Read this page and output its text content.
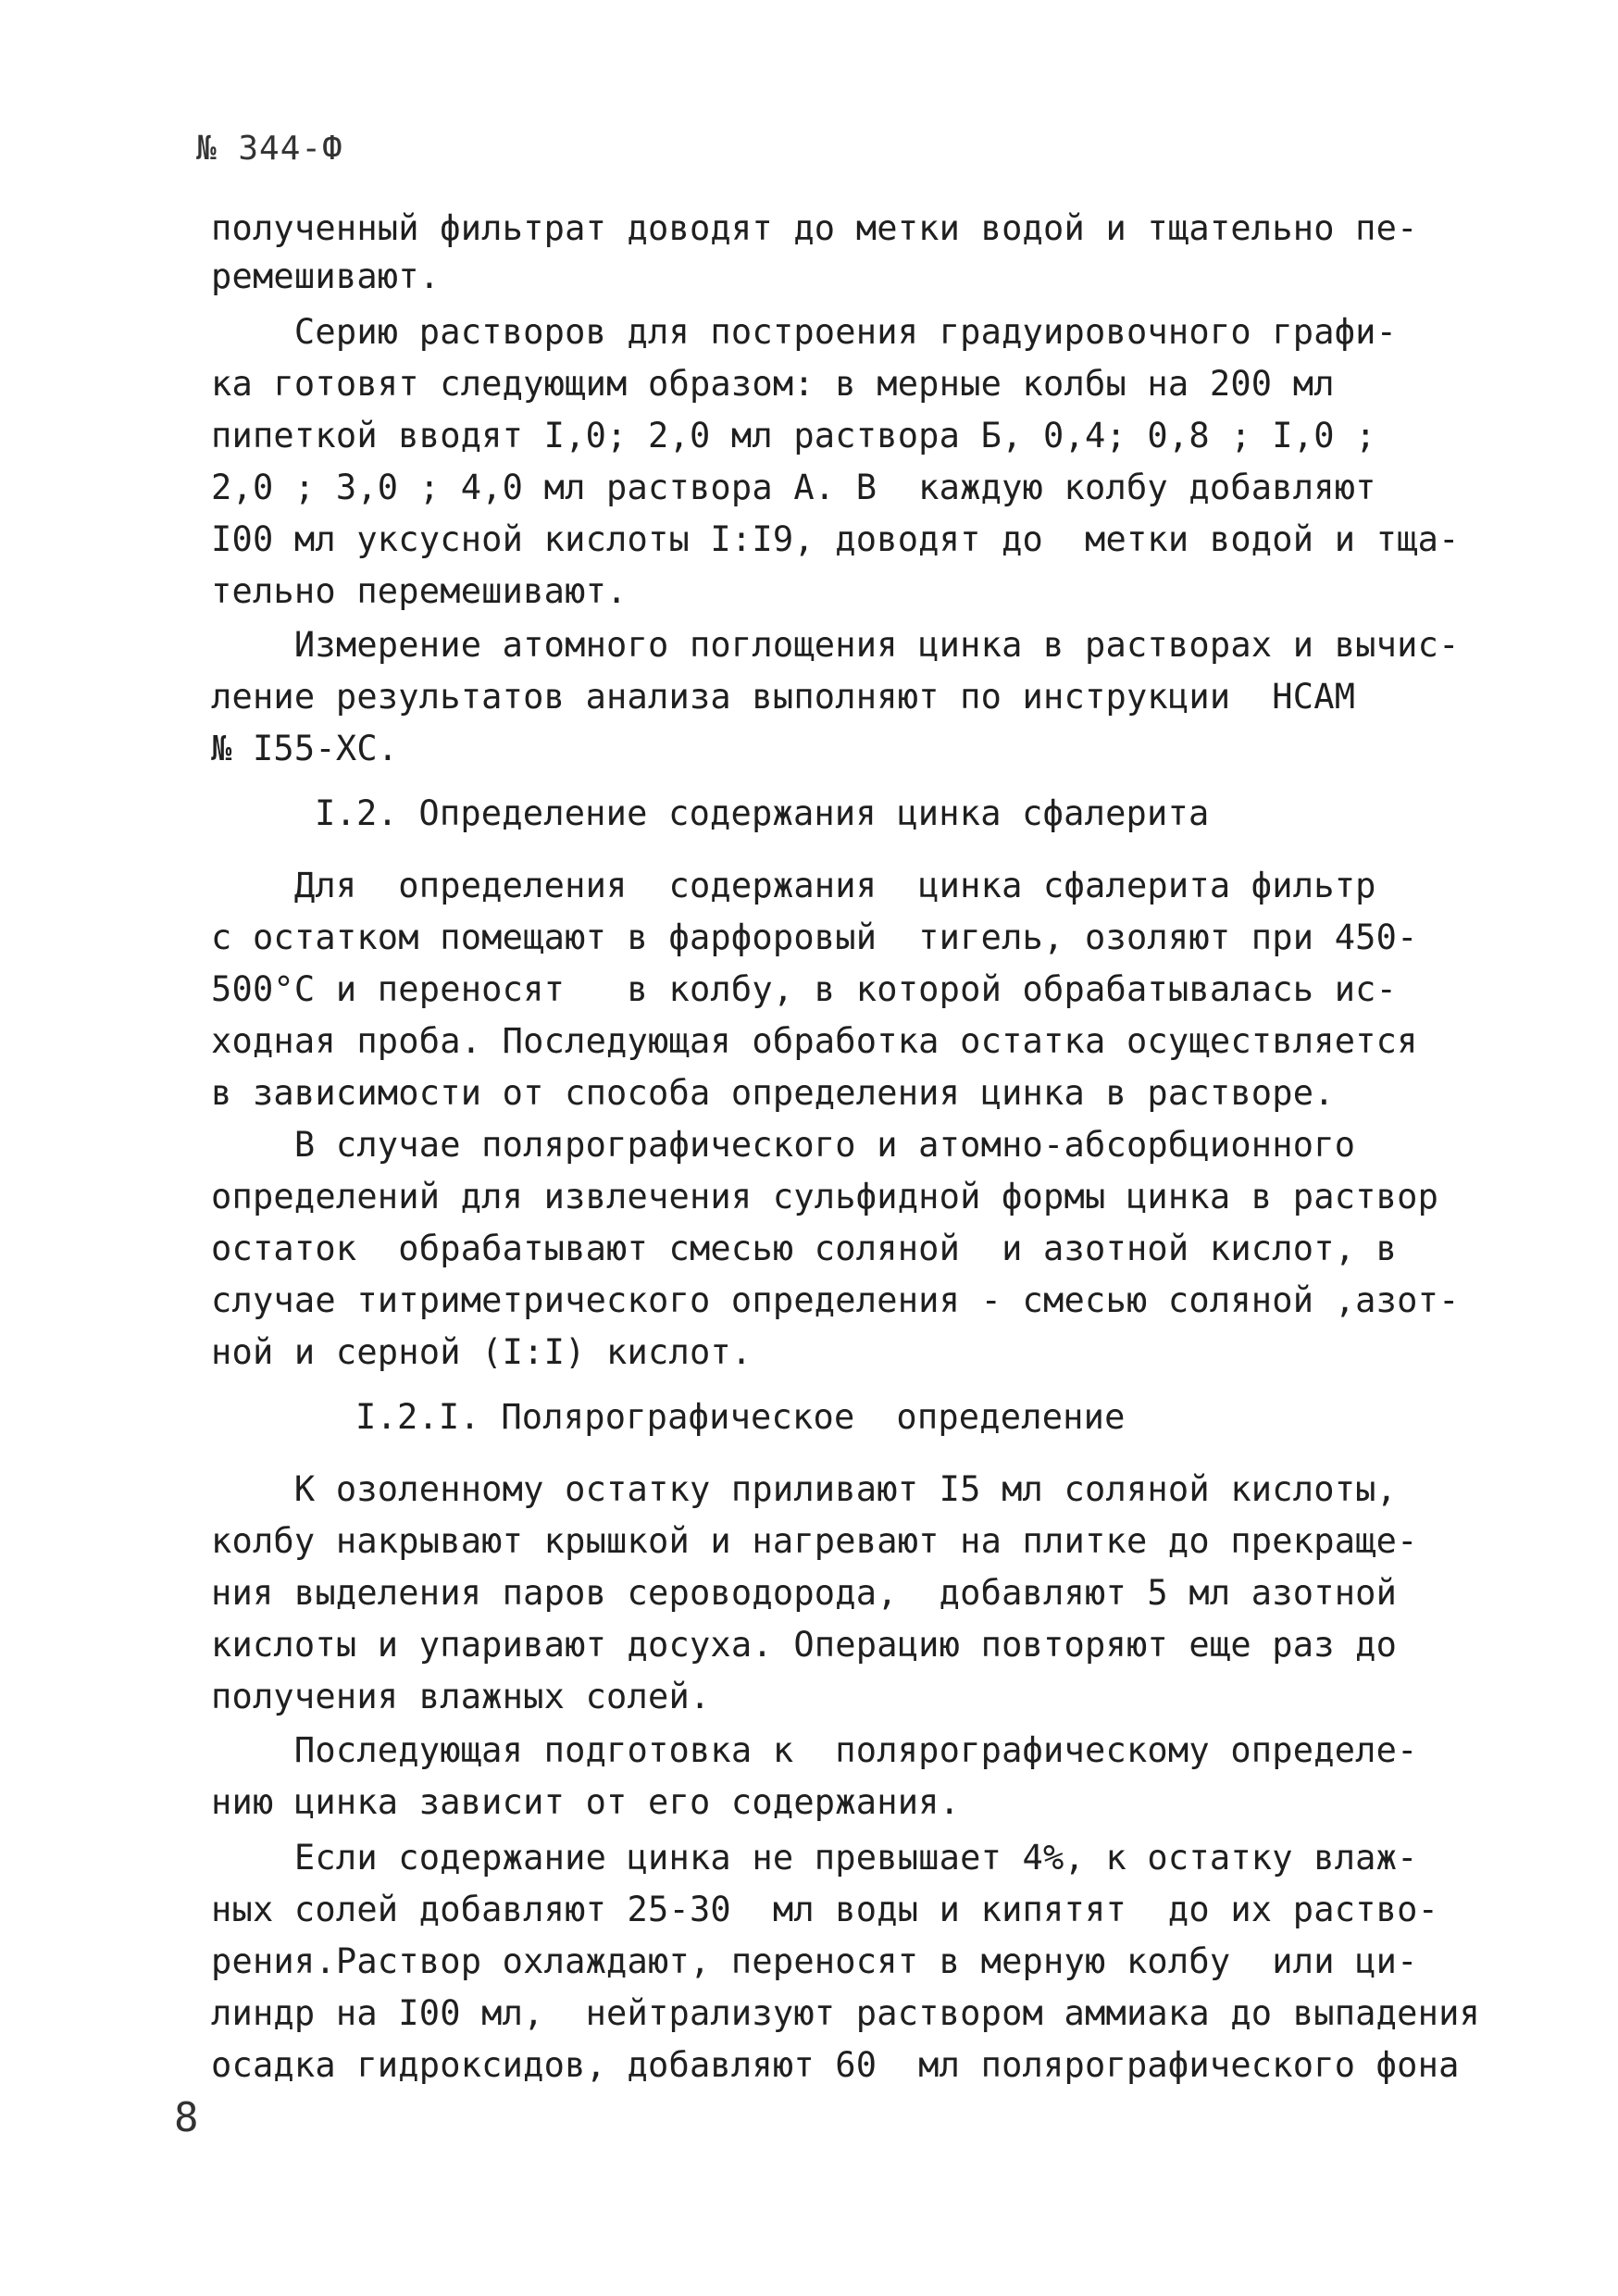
№ 344-Ф
полученный фильтрат доводят до метки водой и тщательно пе-
ремешивают.
Серию растворов для построения градуировочного графи-
ка готовят следующим образом: в мерные колбы на 200 мл
пипеткой вводят I,0; 2,0 мл раствора Б, 0,4; 0,8 ; I,0 ;
2,0 ; 3,0 ; 4,0 мл раствора А. В  каждую колбу добавляют
I00 мл уксусной кислоты I:I9, доводят до  метки водой и тща-
тельно перемешивают.
Измерение атомного поглощения цинка в растворах и вычис-
ление результатов анализа выполняют по инструкции  НСАМ
№ I55-ХС.
I.2. Определение содержания цинка сфалерита
Для  определения  содержания  цинка сфалерита фильтр
с остатком помещают в фарфоровый  тигель, озоляют при 450-
500°С и переносят   в колбу, в которой обрабатывалась ис-
ходная проба. Последующая обработка остатка осуществляется
в зависимости от способа определения цинка в растворе.
В случае полярографического и атомно-абсорбционного
определений для извлечения сульфидной формы цинка в раствор
остаток  обрабатывают смесью соляной  и азотной кислот, в
случае титриметрического определения - смесью соляной ,азот-
ной и серной (I:I) кислот.
I.2.I. Полярографическое  определение
К озоленному остатку приливают I5 мл соляной кислоты,
колбу накрывают крышкой и нагревают на плитке до прекраще-
ния выделения паров сероводорода,  добавляют 5 мл азотной
кислоты и упаривают досуха. Операцию повторяют еще раз до
получения влажных солей.
Последующая подготовка к  полярографическому определе-
нию цинка зависит от его содержания.
Если содержание цинка не превышает 4%, к остатку влаж-
ных солей добавляют 25-30  мл воды и кипятят  до их раство-
рения.Раствор охлаждают, переносят в мерную колбу  или ци-
линдр на I00 мл,  нейтрализуют раствором аммиака до выпадения
осадка гидроксидов, добавляют 60  мл полярографического фона
8
